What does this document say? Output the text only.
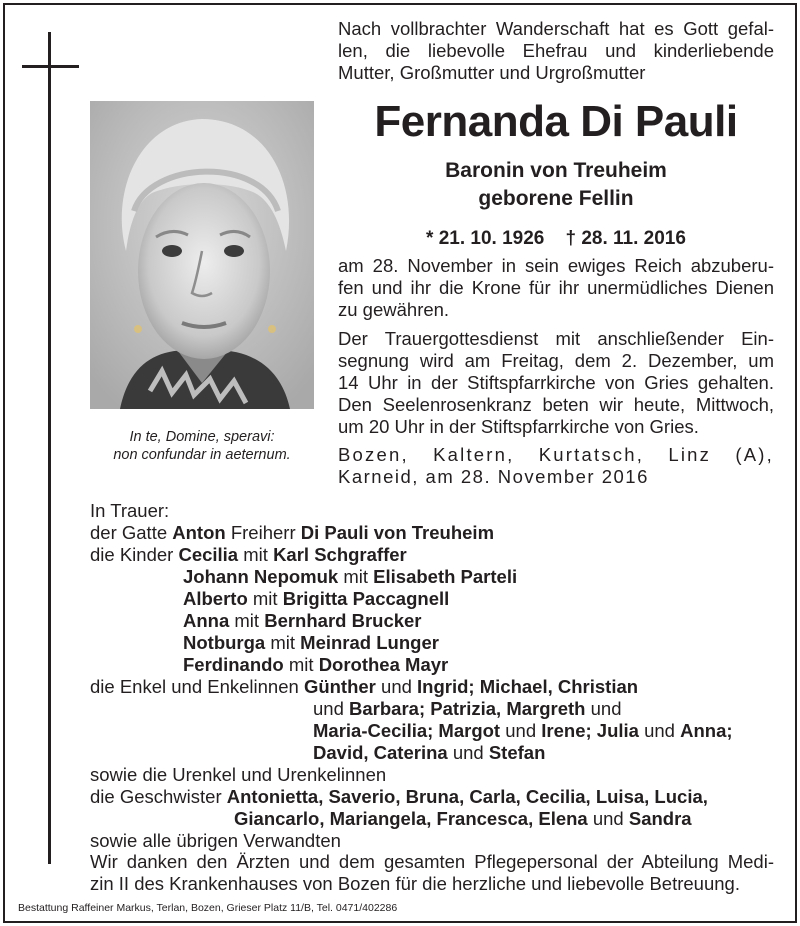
In te, Domine, speravi:
non confundar in aeternum.
Nach vollbrachter Wanderschaft hat es Gott gefal-
len, die liebevolle Ehefrau und kinderliebende
Mutter, Großmutter und Urgroßmutter
Fernanda Di Pauli
Baronin von Treuheim
geborene Fellin
* 21. 10. 1926    † 28. 11. 2016
am 28. November in sein ewiges Reich abzuberu-
fen und ihr die Krone für ihr unermüdliches Dienen
zu gewähren.
Der Trauergottesdienst mit anschließender Ein-
segnung wird am Freitag, dem 2. Dezember, um
14 Uhr in der Stiftspfarrkirche von Gries gehalten.
Den Seelenrosenkranz beten wir heute, Mittwoch,
um 20 Uhr in der Stiftspfarrkirche von Gries.
Bozen, Kaltern, Kurtatsch, Linz (A),
Karneid, am 28. November 2016
In Trauer:
der Gatte Anton Freiherr Di Pauli von Treuheim
die Kinder Cecilia mit Karl Schgraffer
Johann Nepomuk mit Elisabeth Parteli
Alberto mit Brigitta Paccagnell
Anna mit Bernhard Brucker
Notburga mit Meinrad Lunger
Ferdinando mit Dorothea Mayr
die Enkel und Enkelinnen Günther und Ingrid; Michael, Christian
und Barbara; Patrizia, Margreth und
Maria-Cecilia; Margot und Irene; Julia und Anna;
David, Caterina und Stefan
sowie die Urenkel und Urenkelinnen
die Geschwister Antonietta, Saverio, Bruna, Carla, Cecilia, Luisa, Lucia,
Giancarlo, Mariangela, Francesca, Elena und Sandra
sowie alle übrigen Verwandten
Wir danken den Ärzten und dem gesamten Pflegepersonal der Abteilung Medi-
zin II des Krankenhauses von Bozen für die herzliche und liebevolle Betreuung.
Bestattung Raffeiner Markus, Terlan, Bozen, Grieser Platz 11/B, Tel. 0471/402286
